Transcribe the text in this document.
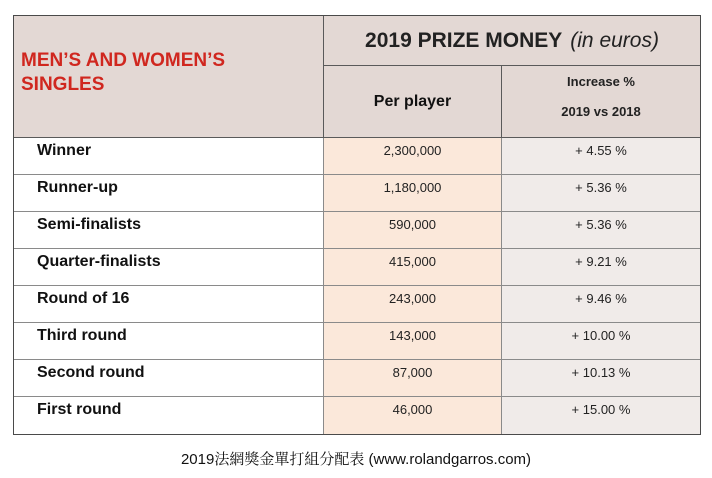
MEN’S AND WOMEN’S SINGLES
2019 PRIZE MONEY (in euros)
Per player
Increase %
2019 vs 2018
Winner	2,300,000	+ 4.55 %
Runner-up	1,180,000	+ 5.36 %
Semi-finalists	590,000	+ 5.36 %
Quarter-finalists	415,000	+ 9.21 %
Round of 16	243,000	+ 9.46 %
Third round	143,000	+ 10.00 %
Second round	87,000	+ 10.13 %
First round	46,000	+ 15.00 %
2019法網獎金單打組分配表 (www.rolandgarros.com)
